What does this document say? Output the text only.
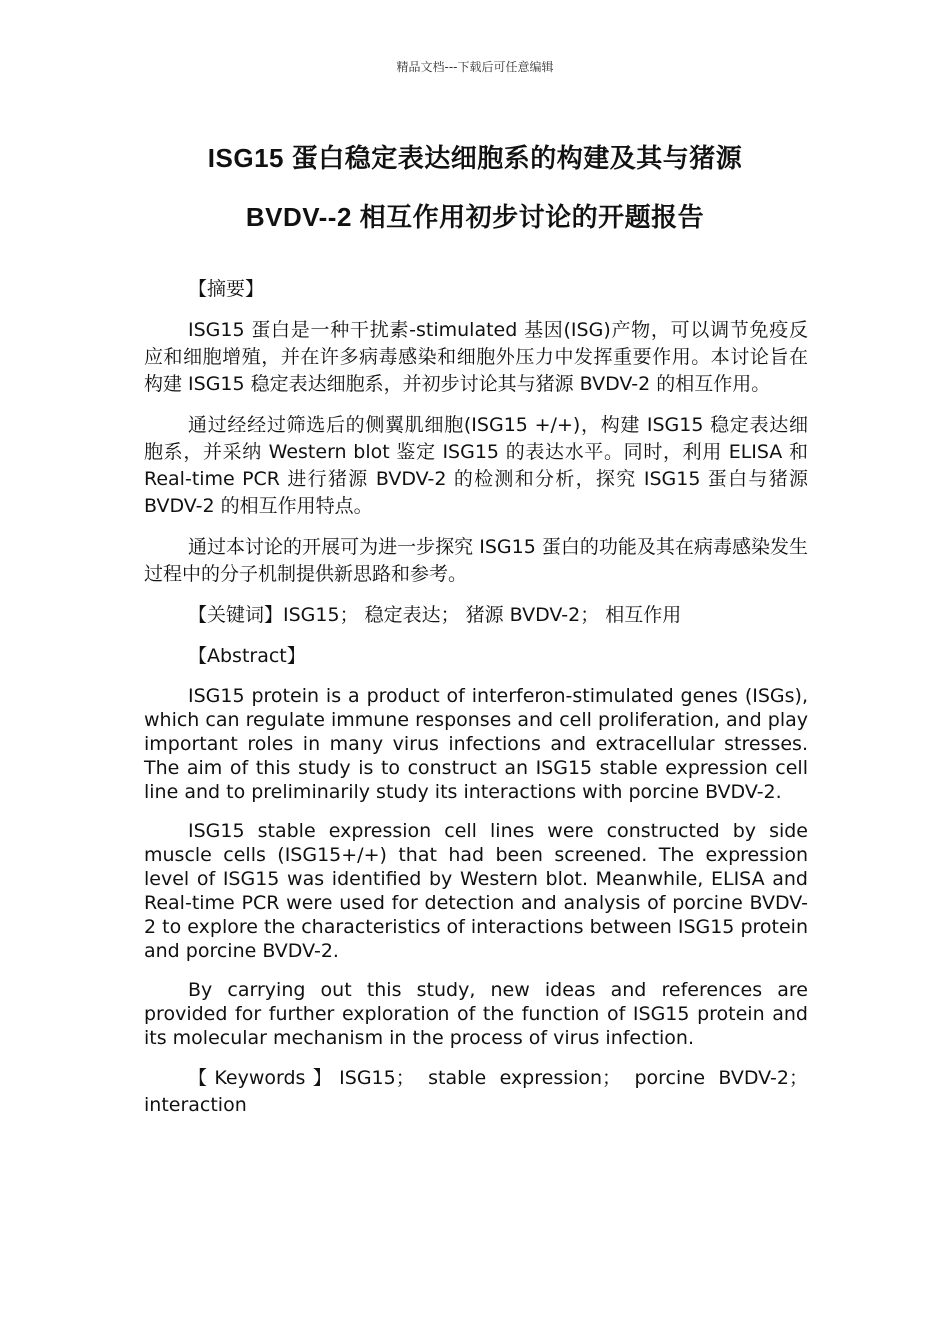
精品文档---下载后可任意编辑
ISG15 蛋白稳定表达细胞系的构建及其与猪源
BVDV--2 相互作用初步讨论的开题报告

【摘要】

ISG15 蛋白是一种干扰素-stimulated 基因(ISG)产物，可以调节免疫反应和细胞增殖，并在许多病毒感染和细胞外压力中发挥重要作用。本讨论旨在构建 ISG15 稳定表达细胞系，并初步讨论其与猪源 BVDV-2 的相互作用。

通过经经过筛选后的侧翼肌细胞(ISG15 +/+)，构建 ISG15 稳定表达细胞系，并采纳 Western blot 鉴定 ISG15 的表达水平。同时，利用 ELISA 和 Real-time PCR 进行猪源 BVDV-2 的检测和分析，探究 ISG15 蛋白与猪源 BVDV-2 的相互作用特点。

通过本讨论的开展可为进一步探究 ISG15 蛋白的功能及其在病毒感染发生过程中的分子机制提供新思路和参考。

【关键词】ISG15； 稳定表达； 猪源 BVDV-2； 相互作用

【Abstract】

ISG15 protein is a product of interferon-stimulated genes (ISGs), which can regulate immune responses and cell proliferation, and play important roles in many virus infections and extracellular stresses. The aim of this study is to construct an ISG15 stable expression cell line and to preliminarily study its interactions with porcine BVDV-2.

ISG15 stable expression cell lines were constructed by side muscle cells (ISG15+/+) that had been screened. The expression level of ISG15 was identified by Western blot. Meanwhile, ELISA and Real-time PCR were used for detection and analysis of porcine BVDV-2 to explore the characteristics of interactions between ISG15 protein and porcine BVDV-2.

By carrying out this study, new ideas and references are provided for further exploration of the function of ISG15 protein and its molecular mechanism in the process of virus infection.

【Keywords】ISG15； stable expression； porcine BVDV-2； interaction
